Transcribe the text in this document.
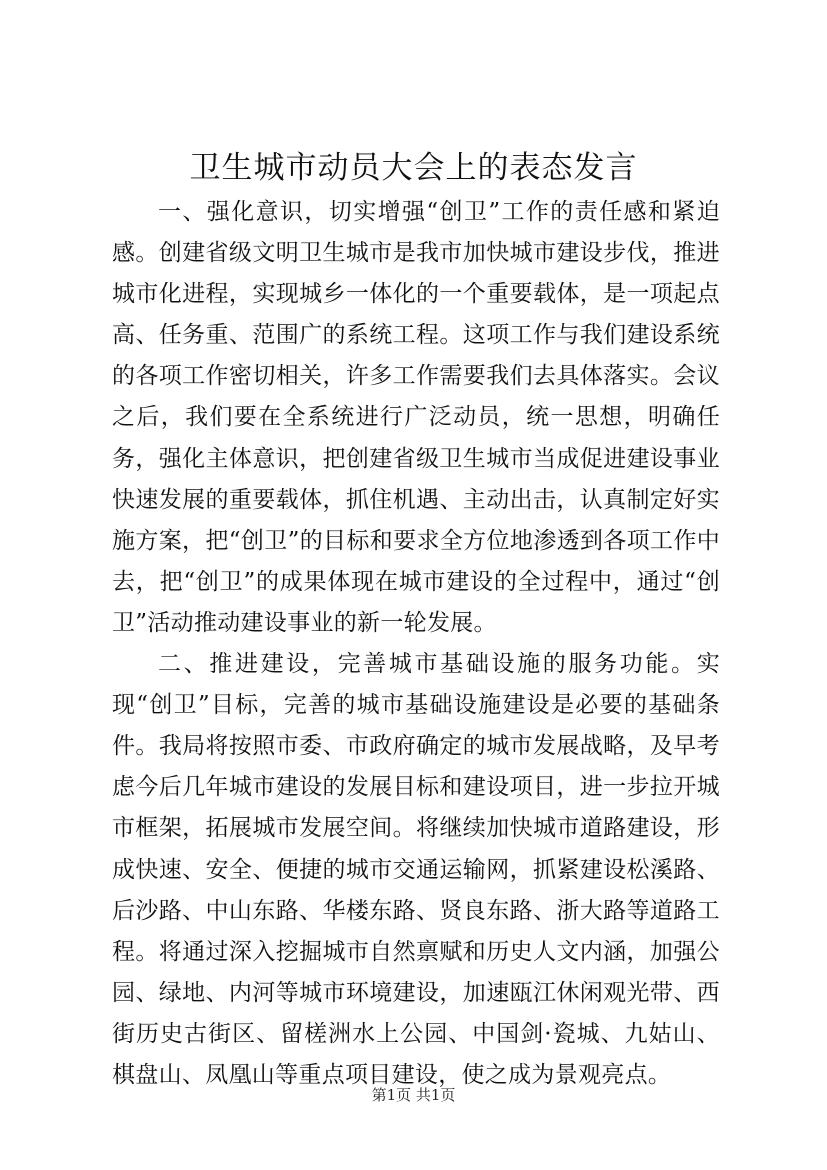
卫生城市动员大会上的表态发言

一、强化意识，切实增强“创卫”工作的责任感和紧迫感。创建省级文明卫生城市是我市加快城市建设步伐，推进城市化进程，实现城乡一体化的一个重要载体，是一项起点高、任务重、范围广的系统工程。这项工作与我们建设系统的各项工作密切相关，许多工作需要我们去具体落实。会议之后，我们要在全系统进行广泛动员，统一思想，明确任务，强化主体意识，把创建省级卫生城市当成促进建设事业快速发展的重要载体，抓住机遇、主动出击，认真制定好实施方案，把“创卫”的目标和要求全方位地渗透到各项工作中去，把“创卫”的成果体现在城市建设的全过程中，通过“创卫”活动推动建设事业的新一轮发展。

二、推进建设，完善城市基础设施的服务功能。实现“创卫”目标，完善的城市基础设施建设是必要的基础条件。我局将按照市委、市政府确定的城市发展战略，及早考虑今后几年城市建设的发展目标和建设项目，进一步拉开城市框架，拓展城市发展空间。将继续加快城市道路建设，形成快速、安全、便捷的城市交通运输网，抓紧建设松溪路、后沙路、中山东路、华楼东路、贤良东路、浙大路等道路工程。将通过深入挖掘城市自然禀赋和历史人文内涵，加强公园、绿地、内河等城市环境建设，加速瓯江休闲观光带、西街历史古街区、留槎洲水上公园、中国剑·瓷城、九姑山、棋盘山、凤凰山等重点项目建设，使之成为景观亮点。

第1页 共1页
